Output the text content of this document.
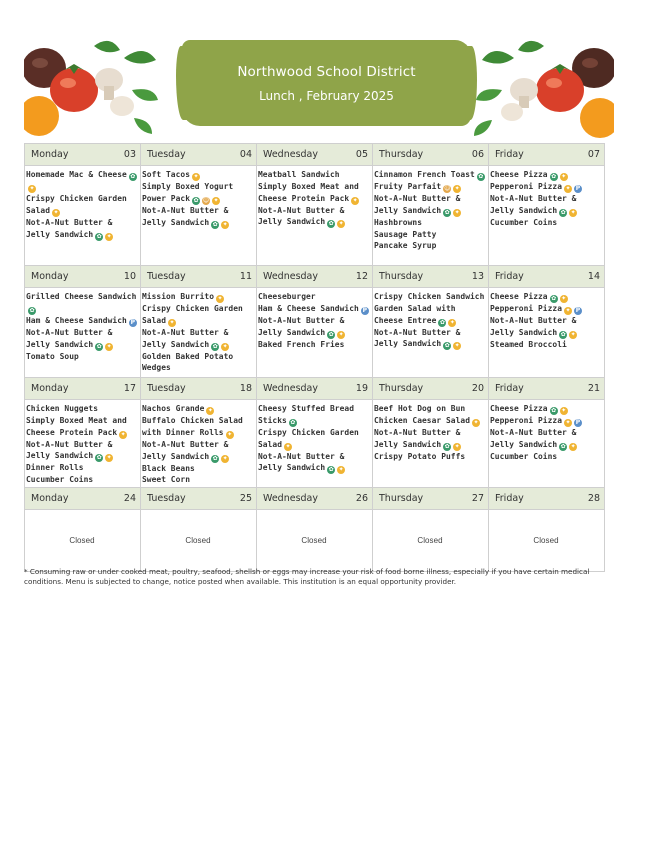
Northwood School District
Lunch , February 2025
Monday	03
Homemade Mac & Cheese ✿✦
Crispy Chicken Garden Salad ✦
Not-A-Nut Butter & Jelly Sandwich ✿ ✦
Tuesday	04
Soft Tacos ✦
Simply Boxed Yogurt Power Pack ✿ ☺ ✦
Not-A-Nut Butter & Jelly Sandwich ✿ ✦
Wednesday	05
Meatball Sandwich
Simply Boxed Meat and Cheese Protein Pack ✦
Not-A-Nut Butter & Jelly Sandwich ✿ ✦
Thursday	06
Cinnamon French Toast ✿
Fruity Parfait ☺ ✦
Not-A-Nut Butter & Jelly Sandwich ✿ ✦
Hashbrowns
Sausage Patty
Pancake Syrup
Friday	07
Cheese Pizza ✿ ✦
Pepperoni Pizza ✦ P
Not-A-Nut Butter & Jelly Sandwich ✿ ✦
Cucumber Coins
Monday	10
Grilled Cheese Sandwich✿
Ham & Cheese Sandwich P
Not-A-Nut Butter & Jelly Sandwich ✿ ✦
Tomato Soup
Tuesday	11
Mission Burrito ✦
Crispy Chicken Garden Salad ✦
Not-A-Nut Butter & Jelly Sandwich ✿ ✦
Golden Baked Potato Wedges
Wednesday	12
Cheeseburger
Ham & Cheese Sandwich P
Not-A-Nut Butter & Jelly Sandwich ✿ ✦
Baked French Fries
Thursday	13
Crispy Chicken Sandwich
Garden Salad with Cheese Entree ✿ ✦
Not-A-Nut Butter & Jelly Sandwich ✿ ✦
Friday	14
Cheese Pizza ✿ ✦
Pepperoni Pizza ✦ P
Not-A-Nut Butter & Jelly Sandwich ✿ ✦
Steamed Broccoli
Monday	17
Chicken Nuggets
Simply Boxed Meat and Cheese Protein Pack ✦
Not-A-Nut Butter & Jelly Sandwich ✿ ✦
Dinner Rolls
Cucumber Coins
Tuesday	18
Nachos Grande ✦
Buffalo Chicken Salad with Dinner Rolls ✦
Not-A-Nut Butter & Jelly Sandwich ✿ ✦
Black Beans
Sweet Corn
Wednesday	19
Cheesy Stuffed Bread Sticks ✿
Crispy Chicken Garden Salad ✦
Not-A-Nut Butter & Jelly Sandwich ✿ ✦
Thursday	20
Beef Hot Dog on Bun
Chicken Caesar Salad ✦
Not-A-Nut Butter & Jelly Sandwich ✿ ✦
Crispy Potato Puffs
Friday	21
Cheese Pizza ✿ ✦
Pepperoni Pizza ✦ P
Not-A-Nut Butter & Jelly Sandwich ✿ ✦
Cucumber Coins
Monday	24
Closed
Tuesday	25
Closed
Wednesday	26
Closed
Thursday	27
Closed
Friday	28
Closed
* Consuming raw or under cooked meat, poultry, seafood, shellsh or eggs may increase your risk of food borne illness, especially if you have certain medical conditions. Menu is subjected to change, notice posted when available. This institution is an equal opportunity provider.
